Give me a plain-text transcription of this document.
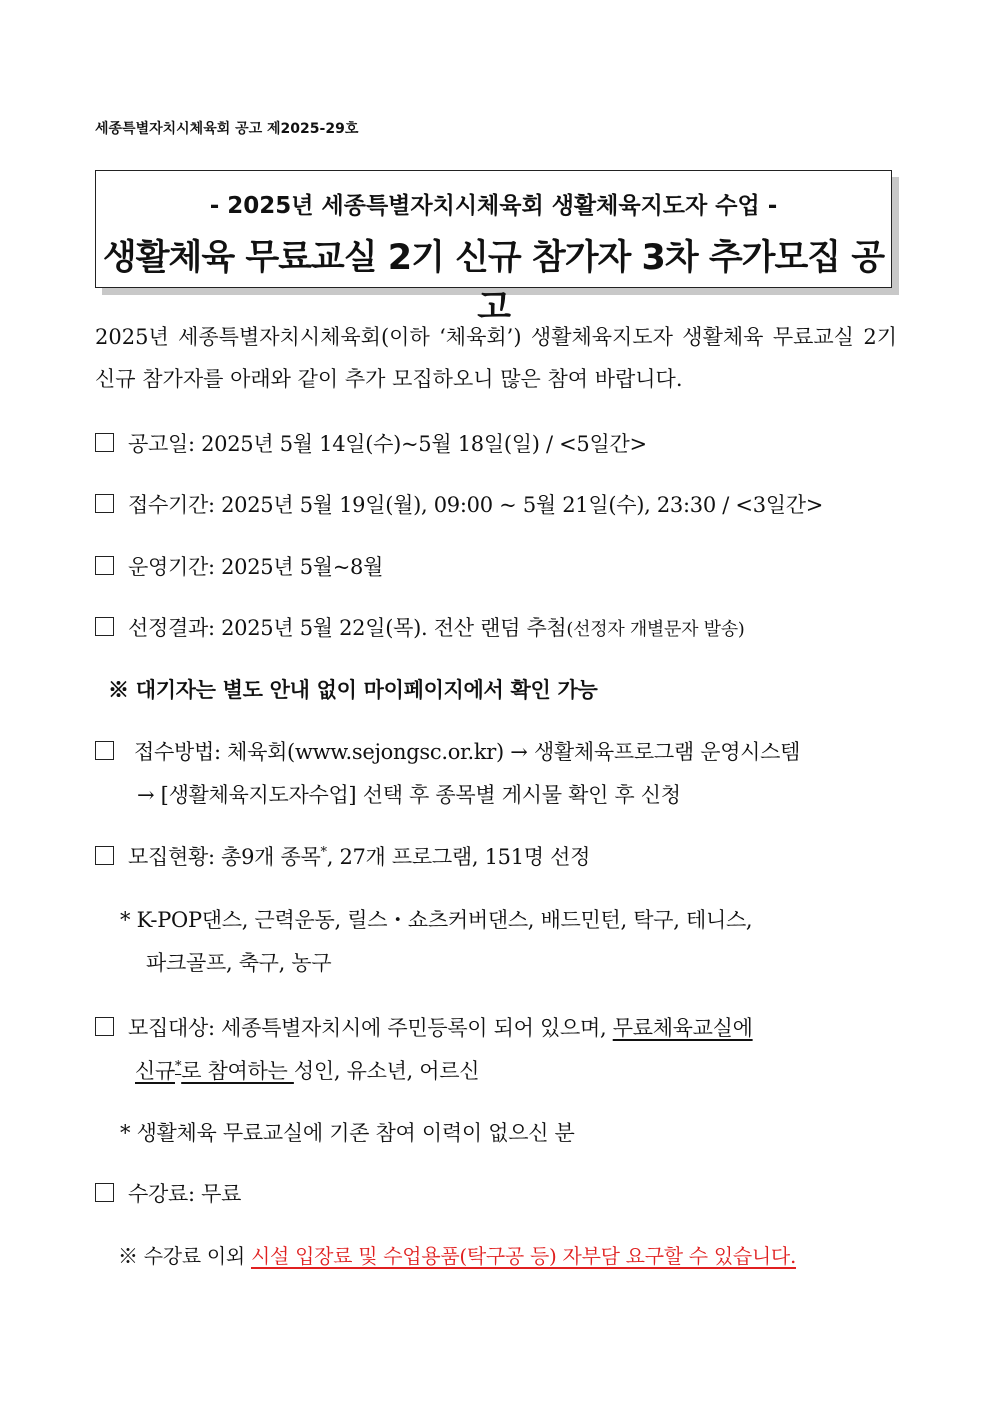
세종특별자치시체육회 공고 제2025-29호
- 2025년 세종특별자치시체육회 생활체육지도자 수업 -
생활체육 무료교실 2기 신규 참가자 3차 추가모집 공고
2025년 세종특별자치시체육회(이하 ‘체육회’) 생활체육지도자 생활체육 무료교실 2기 신규 참가자를 아래와 같이 추가 모집하오니 많은 참여 바랍니다.
공고일: 2025년 5월 14일(수)~5월 18일(일) / <5일간>
접수기간: 2025년 5월 19일(월), 09:00 ~ 5월 21일(수), 23:30 / <3일간>
운영기간: 2025년 5월~8월
선정결과: 2025년 5월 22일(목). 전산 랜덤 추첨(선정자 개별문자 발송)
※ 대기자는 별도 안내 없이 마이페이지에서 확인 가능
접수방법: 체육회(www.sejongsc.or.kr) → 생활체육프로그램 운영시스템
→ [생활체육지도자수업] 선택 후 종목별 게시물 확인 후 신청
모집현황: 총9개 종목*, 27개 프로그램, 151명 선정
* K-POP댄스, 근력운동, 릴스・쇼츠커버댄스, 배드민턴, 탁구, 테니스,
파크골프, 축구, 농구
모집대상: 세종특별자치시에 주민등록이 되어 있으며, 무료체육교실에
신규*로 참여하는 성인, 유소년, 어르신
* 생활체육 무료교실에 기존 참여 이력이 없으신 분
수강료: 무료
※ 수강료 이외 시설 입장료 및 수업용품(탁구공 등) 자부담 요구할 수 있습니다.
